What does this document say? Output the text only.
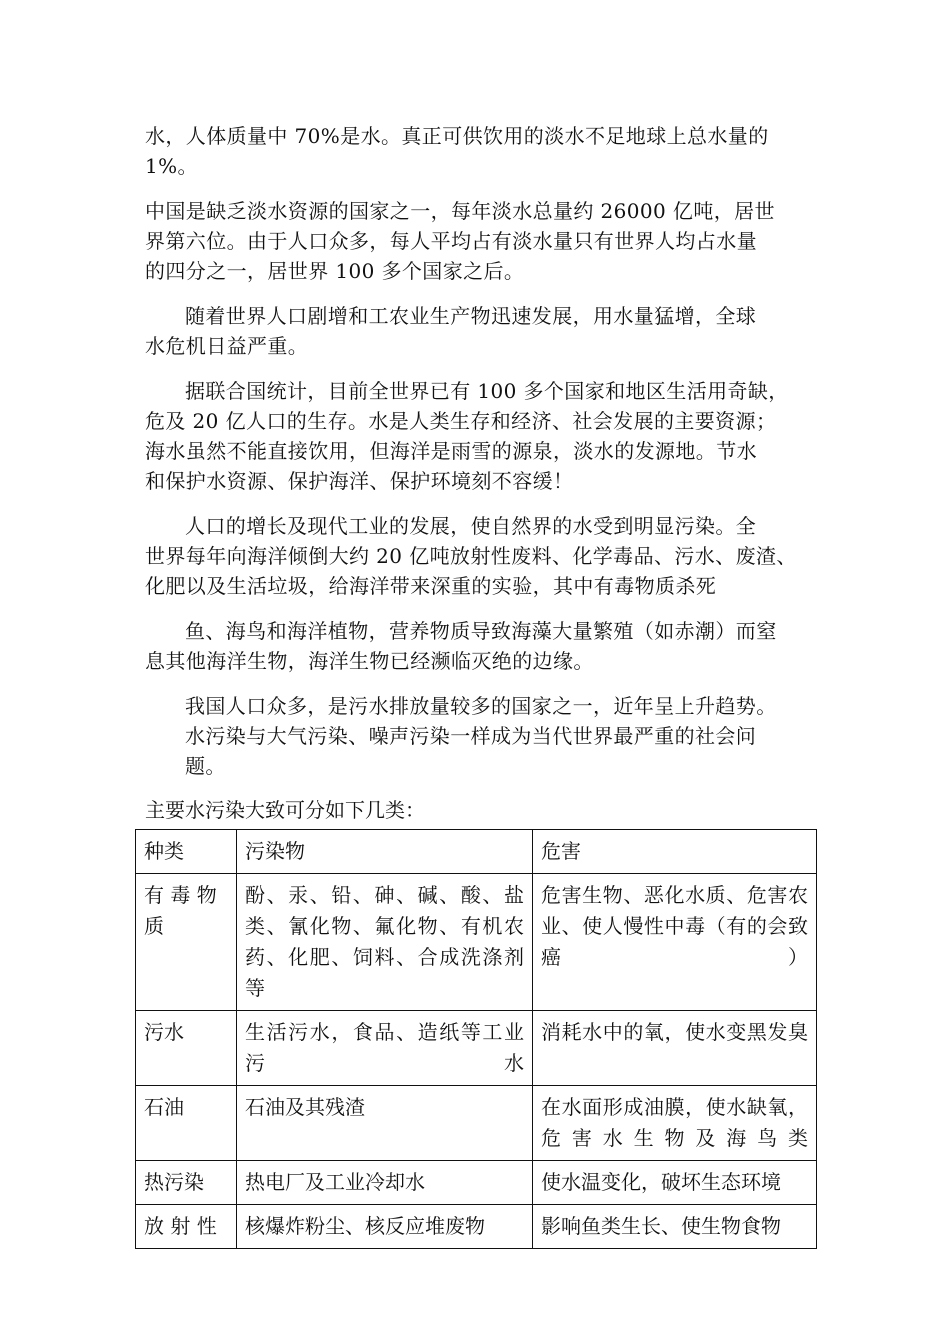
水，人体质量中 70%是水。真正可供饮用的淡水不足地球上总水量的
1%。
中国是缺乏淡水资源的国家之一，每年淡水总量约 26000 亿吨，居世
界第六位。由于人口众多，每人平均占有淡水量只有世界人均占水量
的四分之一，居世界 100 多个国家之后。
随着世界人口剧增和工农业生产物迅速发展，用水量猛增，全球
水危机日益严重。
据联合国统计，目前全世界已有 100 多个国家和地区生活用奇缺，
危及 20 亿人口的生存。水是人类生存和经济、社会发展的主要资源；
海水虽然不能直接饮用，但海洋是雨雪的源泉，淡水的发源地。节水
和保护水资源、保护海洋、保护环境刻不容缓！
人口的增长及现代工业的发展，使自然界的水受到明显污染。全
世界每年向海洋倾倒大约 20 亿吨放射性废料、化学毒品、污水、废渣、
化肥以及生活垃圾，给海洋带来深重的实验，其中有毒物质杀死
鱼、海鸟和海洋植物，营养物质导致海藻大量繁殖（如赤潮）而窒
息其他海洋生物，海洋生物已经濒临灭绝的边缘。
我国人口众多，是污水排放量较多的国家之一，近年呈上升趋势。
水污染与大气污染、噪声污染一样成为当代世界最严重的社会问
题。
主要水污染大致可分如下几类：
种类	污染物	危害
有 毒 物 质	酚、汞、铅、砷、碱、酸、盐类、氰化物、氟化物、有机农药、化肥、饲料、合成洗涤剂等	危害生物、恶化水质、危害农业、使人慢性中毒（有的会致癌）
污水	生活污水，食品、造纸等工业污水	消耗水中的氧，使水变黑发臭
石油	石油及其残渣	在水面形成油膜，使水缺氧，危害水生物及海鸟类
热污染	热电厂及工业冷却水	使水温变化，破坏生态环境
放 射 性	核爆炸粉尘、核反应堆废物	影响鱼类生长、使生物食物
